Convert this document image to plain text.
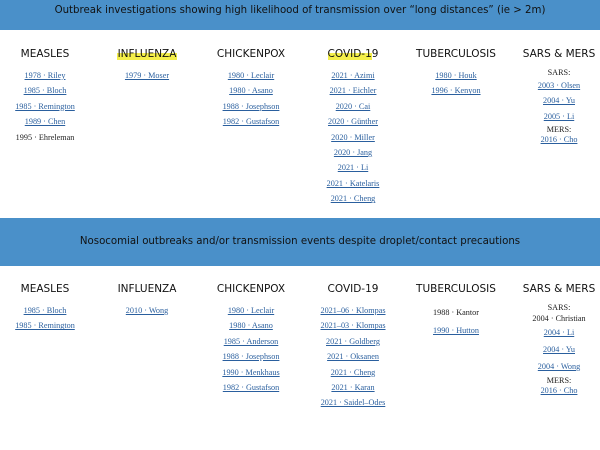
Outbreak investigations showing high likelihood of transmission over “long distances” (ie > 2m)
MEASLES
1978 · Riley
1985 · Bloch
1985 · Remington
1989 · Chen
1995 · Ehreleman
INFLUENZA
1979 · Moser
CHICKENPOX
1980 · Leclair
1980 · Asano
1988 · Josephson
1982 · Gustafson
COVID-19
2021 · Azimi
2021 · Eichler
2020 · Cai
2020 · Günther
2020 · Miller
2020 · Jang
2021 · Li
2021 · Katelaris
2021 · Cheng
TUBERCULOSIS
1980 · Houk
1996 · Kenyon
SARS & MERS
SARS:
2003 · Olsen
2004 · Yu
2005 · Li
MERS:
2016 · Cho
Nosocomial outbreaks and/or transmission events despite droplet/contact precautions
MEASLES
1985 · Bloch
1985 · Remington
INFLUENZA
2010 · Wong
CHICKENPOX
1980 · Leclair
1980 · Asano
1985 · Anderson
1988 · Josephson
1990 · Menkhaus
1982 · Gustafson
COVID-19
2021–06 · Klompas
2021–03 · Klompas
2021 · Goldberg
2021 · Oksanen
2021 · Cheng
2021 · Karan
2021 · Saidel–Odes
TUBERCULOSIS
1988 · Kantor
1990 · Hutton
SARS & MERS
SARS:
2004 · Christian
2004 · Li
2004 · Yu
2004 · Wong
MERS:
2016 · Cho
